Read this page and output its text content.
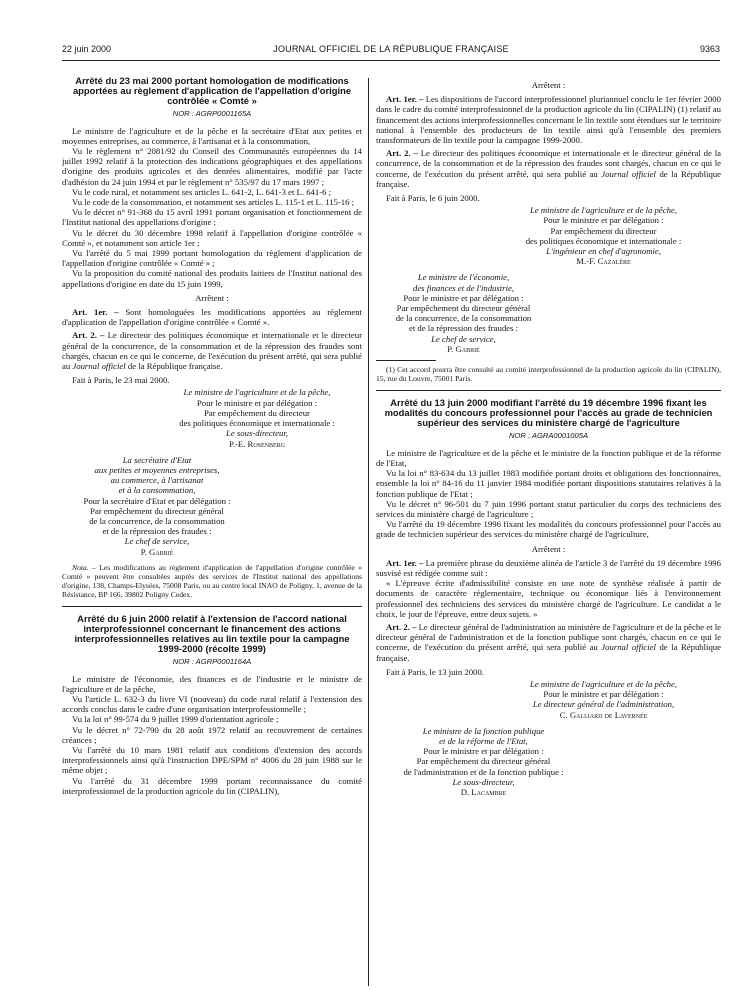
22 juin 2000	JOURNAL OFFICIEL DE LA RÉPUBLIQUE FRANÇAISE	9363
Arrêté du 23 mai 2000 portant homologation de modifications apportées au règlement d'application de l'appellation d'origine contrôlée « Comté »
NOR : AGRP0001165A

Le ministre de l'agriculture et de la pêche et la secrétaire d'Etat aux petites et moyennes entreprises, au commerce, à l'artisanat et à la consommation,

Vu le règlement n° 2081/92 du Conseil des Communautés européennes du 14 juillet 1992 relatif à la protection des indications géographiques et des appellations d'origine des produits agricoles et des denrées alimentaires, modifié par l'acte d'adhésion du 24 juin 1994 et par le règlement n° 535/97 du 17 mars 1997 ;

Vu le code rural, et notamment ses articles L. 641-2, L. 641-3 et L. 641-6 ;

Vu le code de la consommation, et notamment ses articles L. 115-1 et L. 115-16 ;

Vu le décret n° 91-368 du 15 avril 1991 portant organisation et fonctionnement de l'Institut national des appellations d'origine ;

Vu le décret du 30 décembre 1998 relatif à l'appellation d'origine contrôlée « Comté », et notamment son article 1er ;

Vu l'arrêté du 5 mai 1999 portant homologation du règlement d'application de l'appellation d'origine contrôlée « Comté » ;

Vu la proposition du comité national des produits laitiers de l'Institut national des appellations d'origine en date du 15 juin 1999,

Arrêtent :

Art. 1er. – Sont homologuées les modifications apportées au règlement d'application de l'appellation d'origine contrôlée « Comté ».

Art. 2. – Le directeur des politiques économique et internationale et le directeur général de la concurrence, de la consommation et de la répression des fraudes sont chargés, chacun en ce qui le concerne, de l'exécution du présent arrêté, qui sera publié au Journal officiel de la République française.

Fait à Paris, le 23 mai 2000.

Le ministre de l'agriculture et de la pêche,
Pour le ministre et par délégation :
Par empêchement du directeur
des politiques économique et internationale :
Le sous-directeur,
P.-E. Rosenberg
La secrétaire d'Etat
aux petites et moyennes entreprises,
au commerce, à l'artisanat
et à la consommation,
Pour la secrétaire d'Etat et par délégation :
Par empêchement du directeur général
de la concurrence, de la consommation
et de la répression des fraudes :
Le chef de service,
P. Gabrié

Nota. – Les modifications au règlement d'application de l'appellation d'origine contrôlée « Comté » peuvent être consultées auprès des services de l'Institut national des appellations d'origine, 138, Champs-Elysées, 75008 Paris, ou au centre local INAO de Poligny, 1, avenue de la Résistance, BP 166, 39802 Poligny Cedex.

Arrêté du 6 juin 2000 relatif à l'extension de l'accord national interprofessionnel concernant le financement des actions interprofessionnelles relatives au lin textile pour la campagne 1999-2000 (récolte 1999)
NOR : AGRP0001164A

Le ministre de l'économie, des finances et de l'industrie et le ministre de l'agriculture et de la pêche,

Vu l'article L. 632-3 du livre VI (nouveau) du code rural relatif à l'extension des accords conclus dans le cadre d'une organisation interprofessionnelle ;

Vu la loi n° 99-574 du 9 juillet 1999 d'orientation agricole ;

Vu le décret n° 72-790 du 28 août 1972 relatif au recouvrement de certaines créances ;

Vu l'arrêté du 10 mars 1981 relatif aux conditions d'extension des accords interprofessionnels ainsi qu'à l'instruction DPE/SPM n° 4006 du 28 juin 1988 sur le même objet ;

Vu l'arrêté du 31 décembre 1999 portant reconnaissance du comité interprofessionnel de la production agricole du lin (CIPALIN),

Arrêtent :

Art. 1er. – Les dispositions de l'accord interprofessionnel pluriannuel conclu le 1er février 2000 dans le cadre du comité interprofessionnel de la production agricole du lin (CIPALIN) (1) relatif au financement des actions interprofessionnelles concernant le lin textile sont étendues sur le territoire national à l'ensemble des producteurs de lin textile ainsi qu'à l'ensemble des premiers transformateurs de lin textile pour la campagne 1999-2000.

Art. 2. – Le directeur des politiques économique et internationale et le directeur général de la concurrence, de la consommation et de la répression des fraudes sont chargés, chacun en ce qui le concerne, de l'exécution du présent arrêté, qui sera publié au Journal officiel de la République française.

Fait à Paris, le 6 juin 2000.

Le ministre de l'agriculture et de la pêche,
Pour le ministre et par délégation :
Par empêchement du directeur
des politiques économique et internationale :
L'ingénieur en chef d'agronomie,
M.-F. Cazalère
Le ministre de l'économie,
des finances et de l'industrie,
Pour le ministre et par délégation :
Par empêchement du directeur général
de la concurrence, de la consommation
et de la répression des fraudes :
Le chef de service,
P. Gabrié

(1) Cet accord pourra être consulté au comité interprofessionnel de la production agricole du lin (CIPALIN), 15, rue du Louvre, 75001 Paris.

Arrêté du 13 juin 2000 modifiant l'arrêté du 19 décembre 1996 fixant les modalités du concours professionnel pour l'accès au grade de technicien supérieur des services du ministère chargé de l'agriculture
NOR : AGRA0001005A

Le ministre de l'agriculture et de la pêche et le ministre de la fonction publique et de la réforme de l'Etat,

Vu la loi n° 83-634 du 13 juillet 1983 modifiée portant droits et obligations des fonctionnaires, ensemble la loi n° 84-16 du 11 janvier 1984 modifiée portant dispositions statutaires relatives à la fonction publique de l'Etat ;

Vu le décret n° 96-501 du 7 juin 1996 portant statut particulier du corps des techniciens des services du ministère chargé de l'agriculture ;

Vu l'arrêté du 19 décembre 1996 fixant les modalités du concours professionnel pour l'accès au grade de technicien supérieur des services du ministère chargé de l'agriculture,

Arrêtent :

Art. 1er. – La première phrase du deuxième alinéa de l'article 3 de l'arrêté du 19 décembre 1996 susvisé est rédigée comme suit :

« L'épreuve écrite d'admissibilité consiste en une note de synthèse réalisée à partir de documents de caractère réglementaire, technique ou économique liés à l'environnement professionnel des techniciens des services du ministère chargé de l'agriculture. Le candidat a le choix, le jour de l'épreuve, entre deux sujets. »

Art. 2. – Le directeur général de l'administration au ministère de l'agriculture et de la pêche et le directeur général de l'administration et de la fonction publique sont chargés, chacun en ce qui le concerne, de l'exécution du présent arrêté, qui sera publié au Journal officiel de la République française.

Fait à Paris, le 13 juin 2000.

Le ministre de l'agriculture et de la pêche,
Pour le ministre et par délégation :
Le directeur général de l'administration,
C. Galliard de Lavernée
Le ministre de la fonction publique
et de la réforme de l'Etat,
Pour le ministre et par délégation :
Par empêchement du directeur général
de l'administration et de la fonction publique :
Le sous-directeur,
D. Lacambre
